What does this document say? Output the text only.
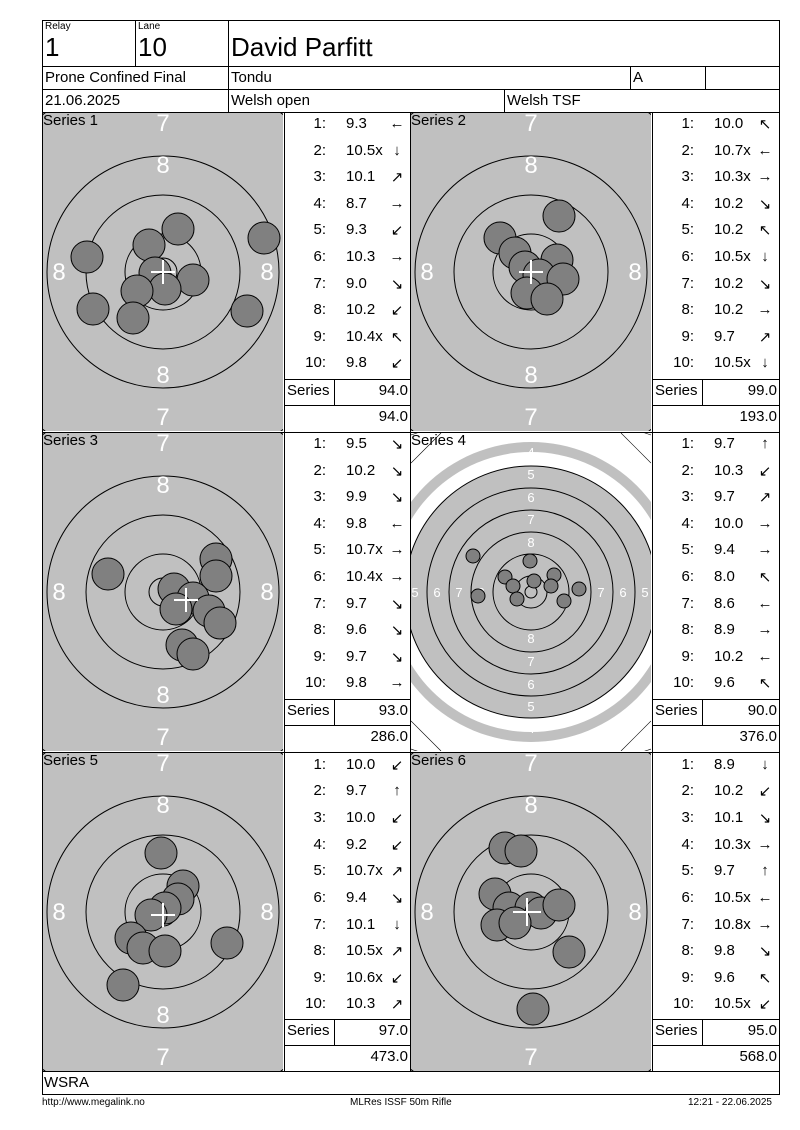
Relay
1
Lane
10 David Parfitt
Prone Confined Final	Tondu	A
21.06.2025	Welsh open	Welsh TSF
7
8
8	8
8
7
Series 1	1: 9.3	←
2: 10.5x ↓
3: 10.1	↗
4: 8.7	→
5: 9.3	↙
6: 10.3 →
7: 9.0	↘
8: 10.2	↙
9: 10.4x ↖
10: 9.8	↙
Series	94.0
94.0
7
8
8	8
8
7
Series 2	1: 10.0	↖
2: 10.7x ←
3: 10.3x →
4: 10.2	↘
5: 10.2	↖
6: 10.5x ↓
7: 10.2	↘
8: 10.2 →
9: 9.7	↗
10: 10.5x ↓
Series	99.0
193.0
7
8
8	8
8
7
Series 3	1: 9.5	↘
2: 10.2	↘
3: 9.9	↘
4: 9.8	←
5: 10.7x →
6: 10.4x →
7: 9.7	↘
8: 9.6	↘
9: 9.7	↘
10: 9.8	→
Series	93.0
286.0
4
5
6
7
8
8
7
6
5
4
5 6 7	7 6 5
Series 4	1: 9.7	↑
2: 10.3	↙
3: 9.7	↗
4: 10.0 →
5: 9.4	→
6: 8.0	↖
7: 8.6	←
8: 8.9	→
9: 10.2 ←
10: 9.6	↖
Series	90.0
376.0
7
8
8	8
8
7
Series 5	1: 10.0	↙
2: 9.7	↑
3: 10.0	↙
4: 9.2	↙
5: 10.7x ↗
6: 9.4	↘
7: 10.1	↓
8: 10.5x ↗
9: 10.6x ↙
10: 10.3	↗
Series	97.0
473.0
7
8
8	8
7
Series 6	1: 8.9	↓
2: 10.2	↙
3: 10.1	↘
4: 10.3x →
5: 9.7	↑
6: 10.5x ←
7: 10.8x →
8: 9.8	↘
9: 9.6	↖
10: 10.5x ↙
Series	95.0
568.0
WSRA
http://www.megalink.no	MLRes ISSF 50m Rifle	12:21 - 22.06.2025
